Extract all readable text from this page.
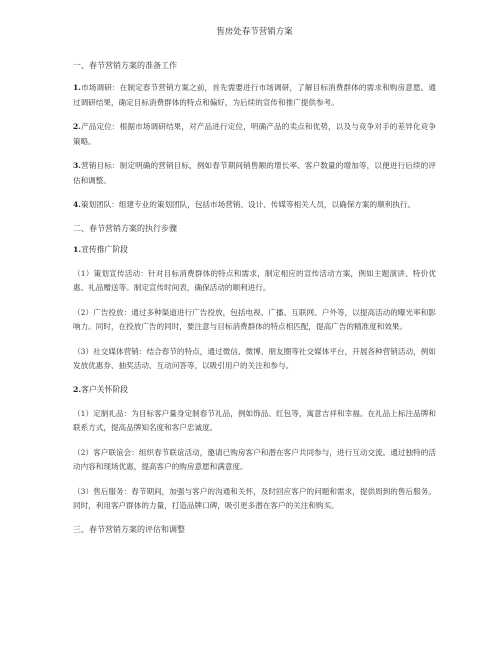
售房处春节营销方案
一、春节营销方案的准备工作
1.市场调研：在制定春节营销方案之前，首先需要进行市场调研，了解目标消费群体的需求和购房意愿。通过调研结果，确定目标消费群体的特点和偏好，为后续的宣传和推广提供参考。
2.产品定位：根据市场调研结果，对产品进行定位，明确产品的卖点和优势，以及与竞争对手的差异化竞争策略。
3.营销目标：制定明确的营销目标，例如春节期间销售额的增长率、客户数量的增加等，以便进行后续的评估和调整。
4.策划团队：组建专业的策划团队，包括市场营销、设计、传媒等相关人员，以确保方案的顺利执行。
二、春节营销方案的执行步骤
1.宣传推广阶段
（1）策划宣传活动：针对目标消费群体的特点和需求，制定相应的宣传活动方案，例如主题演讲、特价优惠、礼品赠送等。制定宣传时间表，确保活动的顺利进行。
（2）广告投放：通过多种渠道进行广告投放，包括电视、广播、互联网、户外等，以提高活动的曝光率和影响力。同时，在投放广告的同时，要注意与目标消费群体的特点相匹配，提高广告的精准度和效果。
（3）社交媒体营销：结合春节的特点，通过微信、微博、朋友圈等社交媒体平台，开展各种营销活动，例如发放优惠券、抽奖活动、互动问答等，以吸引用户的关注和参与。
2.客户关怀阶段
（1）定制礼品：为目标客户量身定制春节礼品，例如饰品、红包等，寓意吉祥和幸福。在礼品上标注品牌和联系方式，提高品牌知名度和客户忠诚度。
（2）客户联谊会：组织春节联谊活动，邀请已购房客户和潜在客户共同参与，进行互动交流。通过独特的活动内容和现场优惠，提高客户的购房意愿和满意度。
（3）售后服务：春节期间，加强与客户的沟通和关怀，及时回应客户的问题和需求，提供周到的售后服务。同时，利用客户群体的力量，打造品牌口碑，吸引更多潜在客户的关注和购买。
三、春节营销方案的评估和调整
